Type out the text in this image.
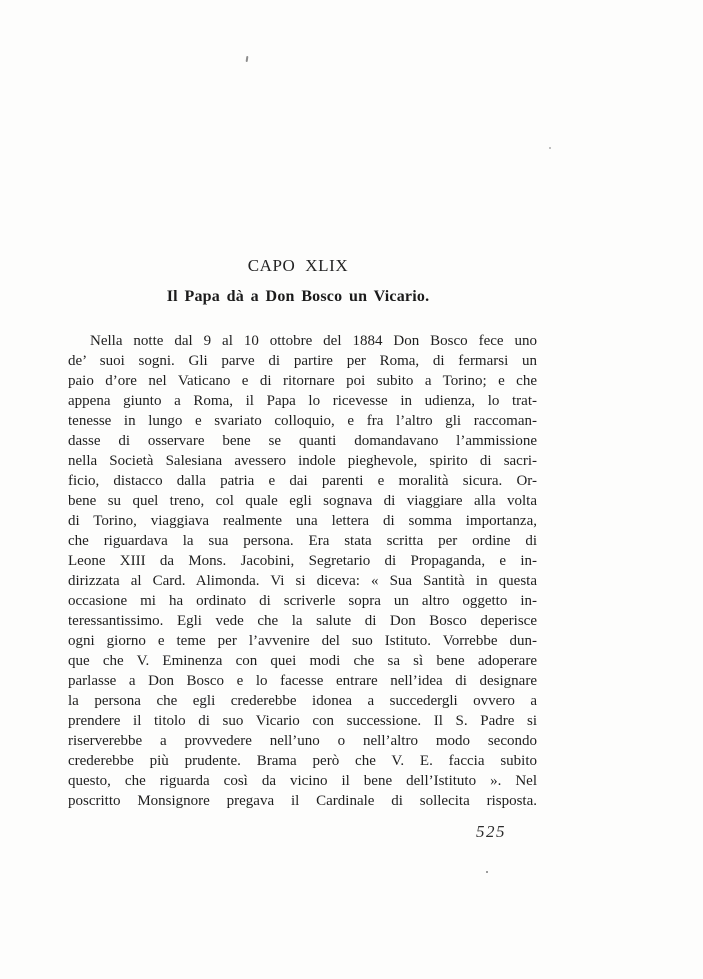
CAPO XLIX
Il Papa dà a Don Bosco un Vicario.
Nella notte dal 9 al 10 ottobre del 1884 Don Bosco fece uno
de’ suoi sogni. Gli parve di partire per Roma, di fermarsi un
paio d’ore nel Vaticano e di ritornare poi subito a Torino; e che
appena giunto a Roma, il Papa lo ricevesse in udienza, lo trat-
tenesse in lungo e svariato colloquio, e fra l’altro gli raccoman-
dasse di osservare bene se quanti domandavano l’ammissione
nella Società Salesiana avessero indole pieghevole, spirito di sacri-
ficio, distacco dalla patria e dai parenti e moralità sicura. Or-
bene su quel treno, col quale egli sognava di viaggiare alla volta
di Torino, viaggiava realmente una lettera di somma importanza,
che riguardava la sua persona. Era stata scritta per ordine di
Leone XIII da Mons. Jacobini, Segretario di Propaganda, e in-
dirizzata al Card. Alimonda. Vi si diceva: « Sua Santità in questa
occasione mi ha ordinato di scriverle sopra un altro oggetto in-
teressantissimo. Egli vede che la salute di Don Bosco deperisce
ogni giorno e teme per l’avvenire del suo Istituto. Vorrebbe dun-
que che V. Eminenza con quei modi che sa sì bene adoperare
parlasse a Don Bosco e lo facesse entrare nell’idea di designare
la persona che egli crederebbe idonea a succedergli ovvero a
prendere il titolo di suo Vicario con successione. Il S. Padre si
riserverebbe a provvedere nell’uno o nell’altro modo secondo
crederebbe più prudente. Brama però che V. E. faccia subito
questo, che riguarda così da vicino il bene dell’Istituto ». Nel
poscritto Monsignore pregava il Cardinale di sollecita risposta.
525
